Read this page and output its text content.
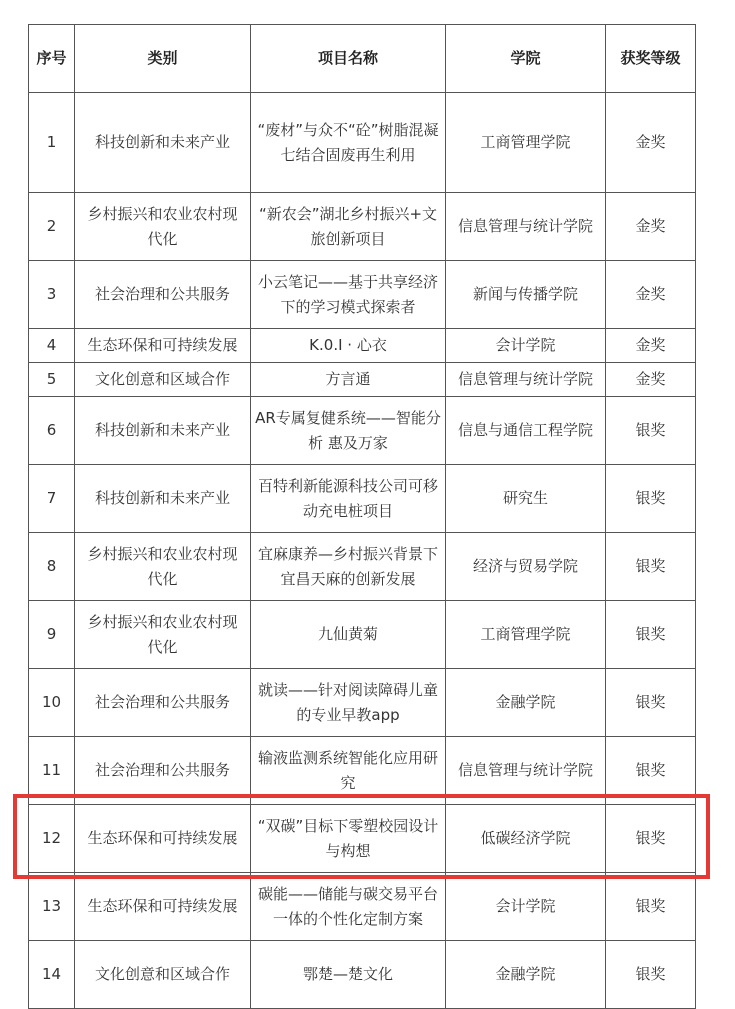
序号	类别	项目名称	学院	获奖等级
1	科技创新和未来产业	“废材”与众不“砼”树脂混凝七结合固废再生利用	工商管理学院	金奖
2	乡村振兴和农业农村现代化	“新农会”湖北乡村振兴+文旅创新项目	信息管理与统计学院	金奖
3	社会治理和公共服务	小云笔记——基于共享经济下的学习模式探索者	新闻与传播学院	金奖
4	生态环保和可持续发展	K.0.I · 心衣	会计学院	金奖
5	文化创意和区域合作	方言通	信息管理与统计学院	金奖
6	科技创新和未来产业	AR专属复健系统——智能分析 惠及万家	信息与通信工程学院	银奖
7	科技创新和未来产业	百特利新能源科技公司可移动充电桩项目	研究生	银奖
8	乡村振兴和农业农村现代化	宜麻康养—乡村振兴背景下宜昌天麻的创新发展	经济与贸易学院	银奖
9	乡村振兴和农业农村现代化	九仙黄菊	工商管理学院	银奖
10	社会治理和公共服务	就读——针对阅读障碍儿童的专业早教app	金融学院	银奖
11	社会治理和公共服务	输液监测系统智能化应用研究	信息管理与统计学院	银奖
12	生态环保和可持续发展	“双碳”目标下零塑校园设计与构想	低碳经济学院	银奖
13	生态环保和可持续发展	碳能——储能与碳交易平台一体的个性化定制方案	会计学院	银奖
14	文化创意和区域合作	鄂楚—楚文化	金融学院	银奖
